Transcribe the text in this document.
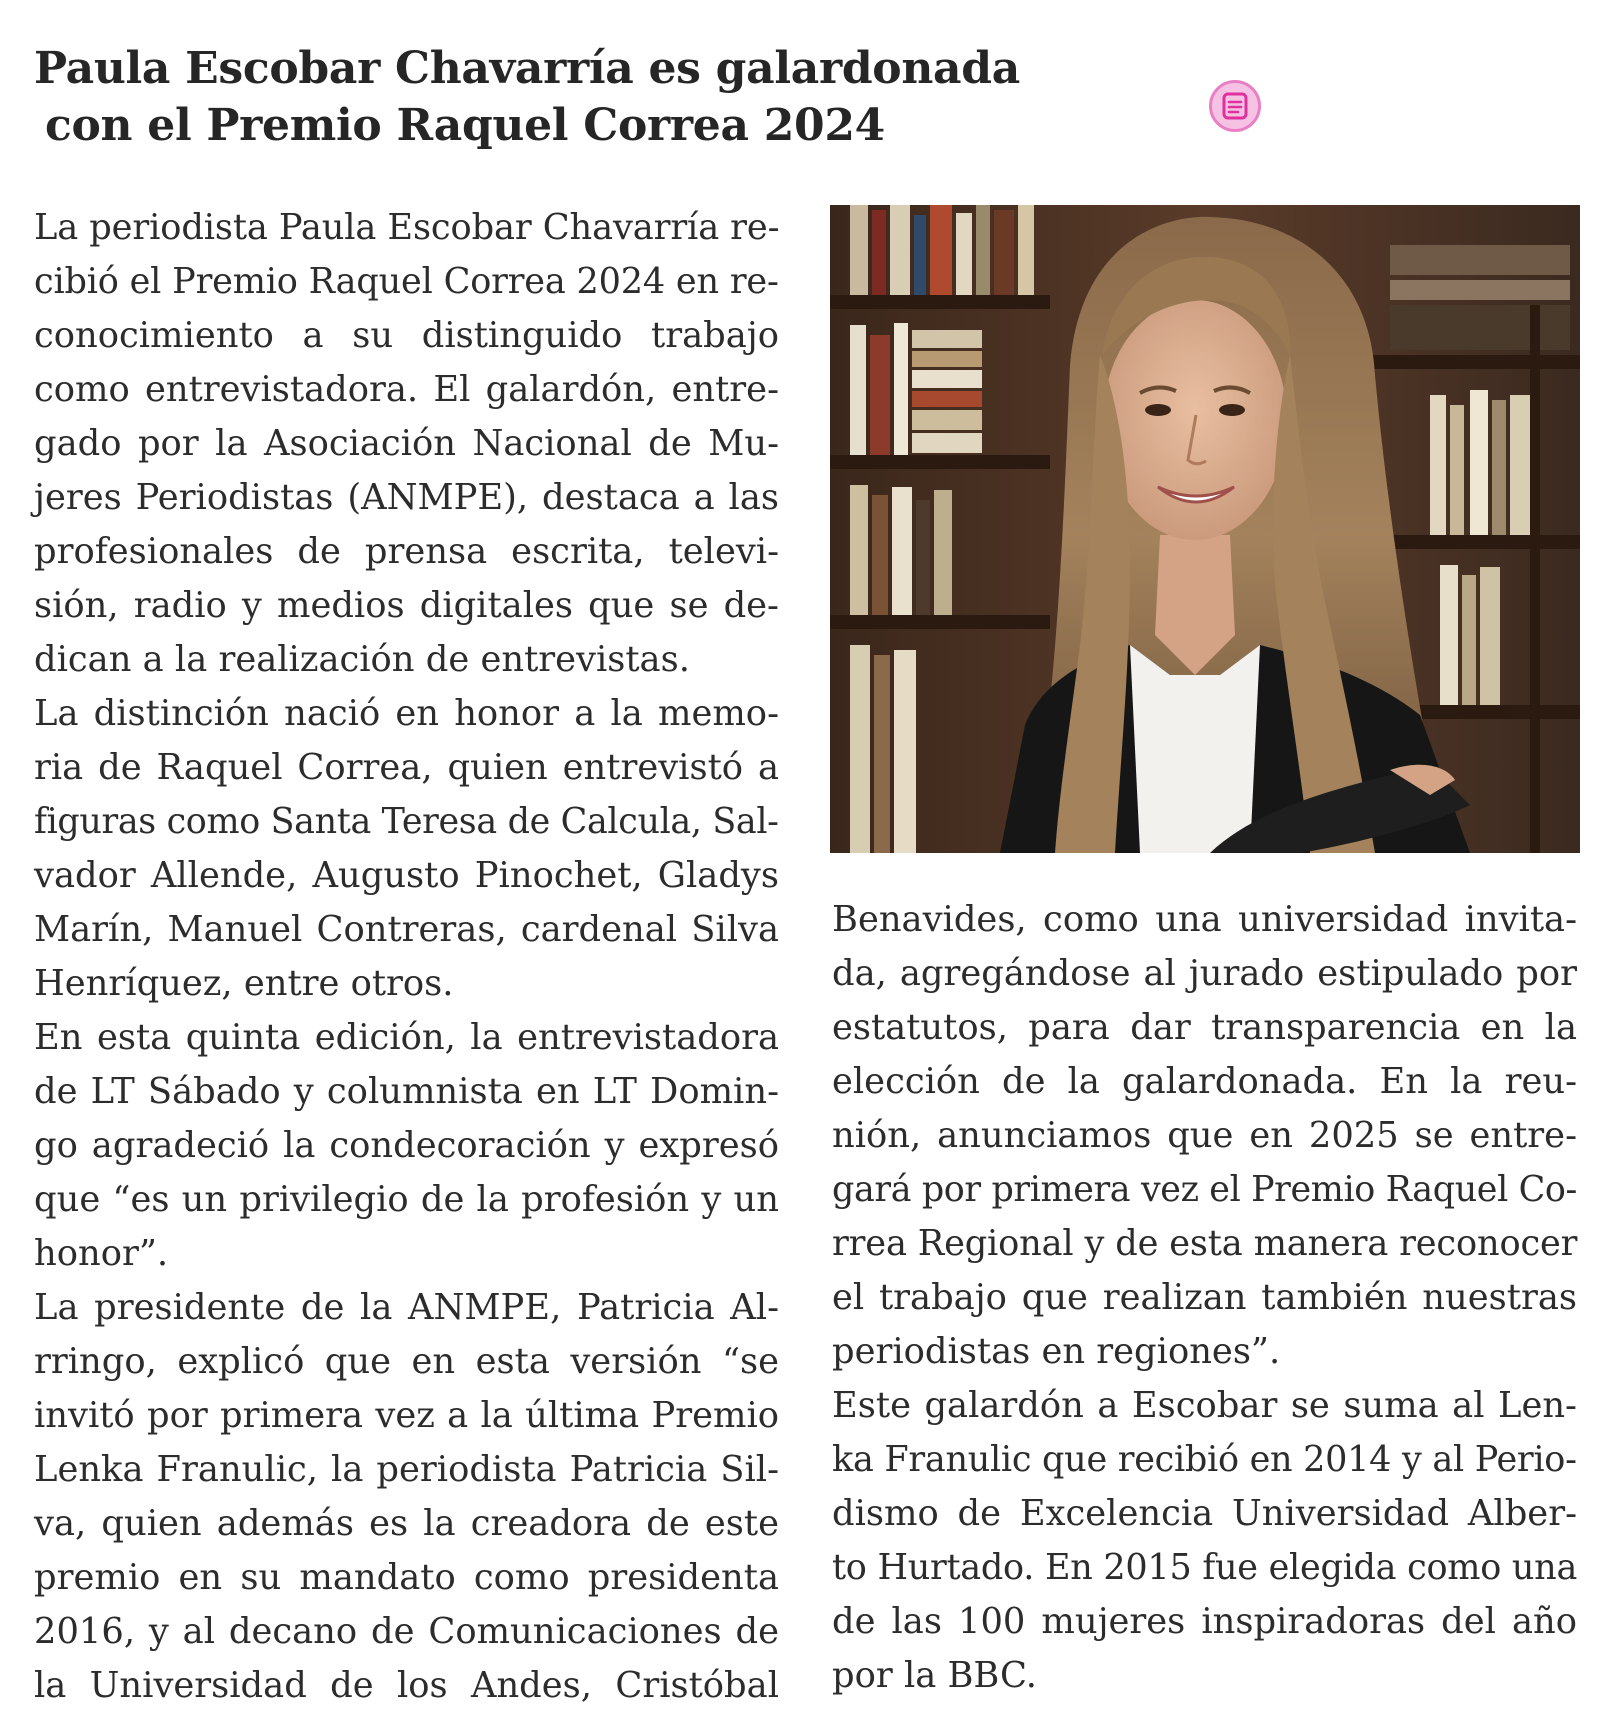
Paula Escobar Chavarría es galardonada
con el Premio Raquel Correa 2024
La periodista Paula Escobar Chavarría re-
cibió el Premio Raquel Correa 2024 en re-
conocimiento a su distinguido trabajo
como entrevistadora. El galardón, entre-
gado por la Asociación Nacional de Mu-
jeres Periodistas (ANMPE), destaca a las
profesionales de prensa escrita, televi-
sión, radio y medios digitales que se de-
dican a la realización de entrevistas.
La distinción nació en honor a la memo-
ria de Raquel Correa, quien entrevistó a
figuras como Santa Teresa de Calcula, Sal-
vador Allende, Augusto Pinochet, Gladys
Marín, Manuel Contreras, cardenal Silva
Henríquez, entre otros.
En esta quinta edición, la entrevistadora
de LT Sábado y columnista en LT Domin-
go agradeció la condecoración y expresó
que “es un privilegio de la profesión y un
honor”.
La presidente de la ANMPE, Patricia Al-
rringo, explicó que en esta versión “se
invitó por primera vez a la última Premio
Lenka Franulic, la periodista Patricia Sil-
va, quien además es la creadora de este
premio en su mandato como presidenta
2016, y al decano de Comunicaciones de
la Universidad de los Andes, Cristóbal
Benavides, como una universidad invita-
da, agregándose al jurado estipulado por
estatutos, para dar transparencia en la
elección de la galardonada. En la reu-
nión, anunciamos que en 2025 se entre-
gará por primera vez el Premio Raquel Co-
rrea Regional y de esta manera reconocer
el trabajo que realizan también nuestras
periodistas en regiones”.
Este galardón a Escobar se suma al Len-
ka Franulic que recibió en 2014 y al Perio-
dismo de Excelencia Universidad Alber-
to Hurtado. En 2015 fue elegida como una
de las 100 mujeres inspiradoras del año
por la BBC.
